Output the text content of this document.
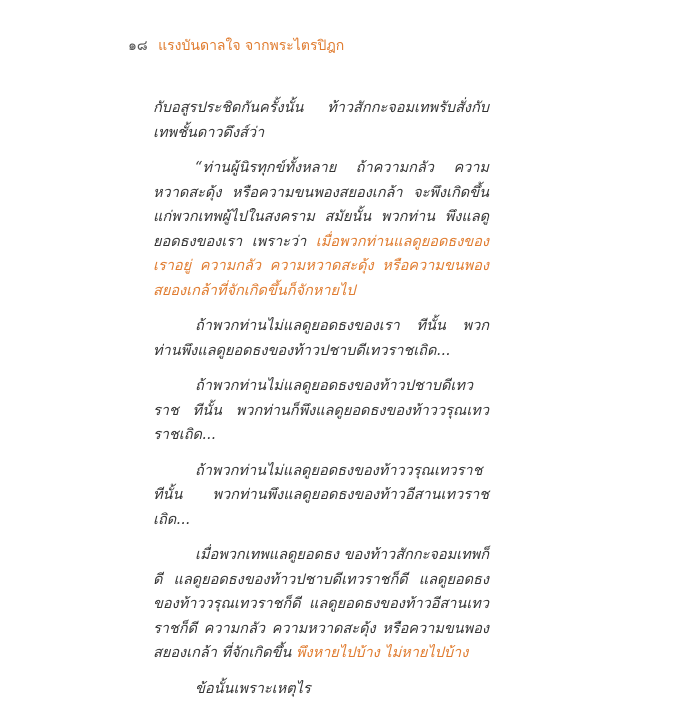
๑๘ แรงบันดาลใจ จากพระไตรปิฎก

กับอสูรประชิดกันครั้งนั้น ท้าวสักกะจอมเทพรับสั่งกับเทพชั้นดาวดึงส์ว่า

“ท่านผู้นิรทุกข์ทั้งหลาย ถ้าความกลัว ความหวาดสะดุ้ง หรือความขนพองสยองเกล้า จะพึงเกิดขึ้นแก่พวกเทพผู้ไปในสงคราม สมัยนั้น พวกท่าน พึงแลดูยอดธงของเรา เพราะว่า เมื่อพวกท่านแลดูยอดธงของเราอยู่ ความกลัว ความหวาดสะดุ้ง หรือความขนพองสยองเกล้าที่จักเกิดขึ้นก็จักหายไป

ถ้าพวกท่านไม่แลดูยอดธงของเรา ทีนั้น พวกท่านพึงแลดูยอดธงของท้าวปชาบดีเทวราชเถิด...

ถ้าพวกท่านไม่แลดูยอดธงของท้าวปชาบดีเทวราช ทีนั้น พวกท่านก็พึงแลดูยอดธงของท้าววรุณเทวราชเถิด...

ถ้าพวกท่านไม่แลดูยอดธงของท้าววรุณเทวราช ทีนั้น พวกท่านพึงแลดูยอดธงของท้าวอีสานเทวราชเถิด...

เมื่อพวกเทพแลดูยอดธง ของท้าวสักกะจอมเทพก็ดี แลดูยอดธงของท้าวปชาบดีเทวราชก็ดี แลดูยอดธงของท้าววรุณเทวราชก็ดี แลดูยอดธงของท้าวอีสานเทวราชก็ดี ความกลัว ความหวาดสะดุ้ง หรือความขนพองสยองเกล้า ที่จักเกิดขึ้น พึงหายไปบ้าง ไม่หายไปบ้าง

ข้อนั้นเพราะเหตุไร
